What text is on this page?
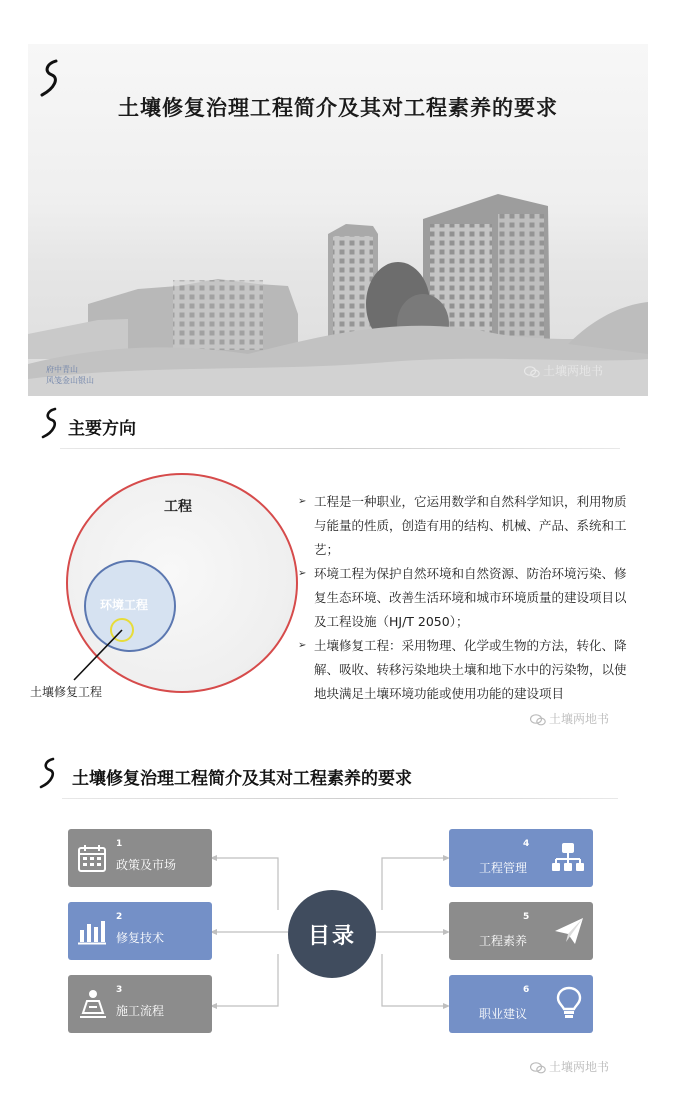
土壤修复治理工程简介及其对工程素养的要求
府中青山
风笺金山银山
土壤两地书
主要方向
工程
环境工程
土壤修复工程
➢ 工程是一种职业，它运用数学和自然科学知识，利用物质与能量的性质，创造有用的结构、机械、产品、系统和工艺；
➢ 环境工程为保护自然环境和自然资源、防治环境污染、修复生态环境、改善生活环境和城市环境质量的建设项目以及工程设施（HJ/T 2050）；
➢ 土壤修复工程：采用物理、化学或生物的方法，转化、降解、吸收、转移污染地块土壤和地下水中的污染物，以使地块满足土壤环境功能或使用功能的建设项目
土壤两地书
土壤修复治理工程简介及其对工程素养的要求
目录
1
政策及市场
2
修复技术
3
施工流程
4
工程管理
5
工程素养
6
职业建议
土壤两地书
